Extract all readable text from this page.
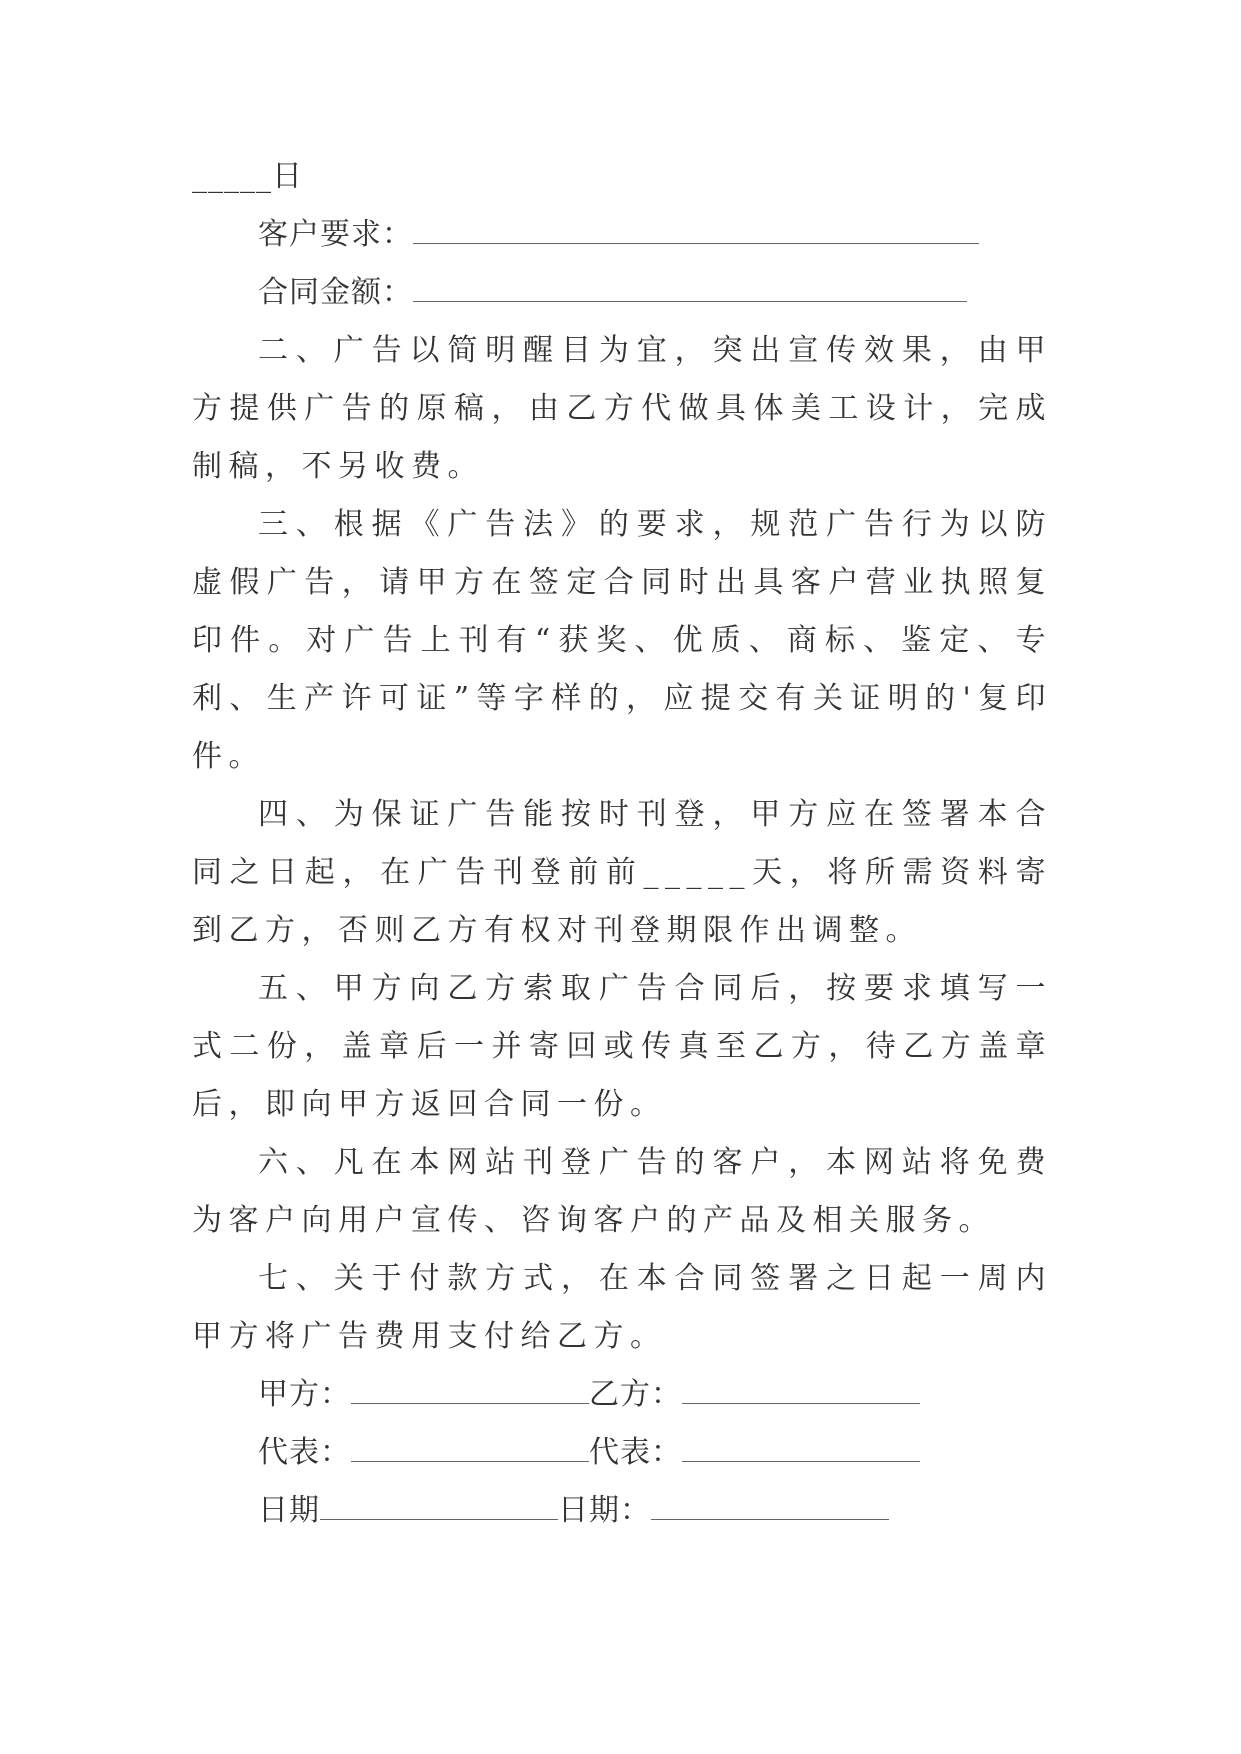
_____日
客户要求：
合同金额：

二、广告以简明醒目为宜，突出宣传效果，由甲方提供广告的原稿，由乙方代做具体美工设计，完成制稿，不另收费。

三、根据《广告法》的要求，规范广告行为以防虚假广告，请甲方在签定合同时出具客户营业执照复印件。对广告上刊有“获奖、优质、商标、鉴定、专利、生产许可证”等字样的，应提交有关证明的'复印件。

四、为保证广告能按时刊登，甲方应在签署本合同之日起，在广告刊登前前_____天，将所需资料寄到乙方，否则乙方有权对刊登期限作出调整。

五、甲方向乙方索取广告合同后，按要求填写一式二份，盖章后一并寄回或传真至乙方，待乙方盖章后，即向甲方返回合同一份。

六、凡在本网站刊登广告的客户，本网站将免费为客户向用户宣传、咨询客户的产品及相关服务。

七、关于付款方式，在本合同签署之日起一周内甲方将广告费用支付给乙方。

甲方：	乙方：
代表：	代表：
日期	日期：
